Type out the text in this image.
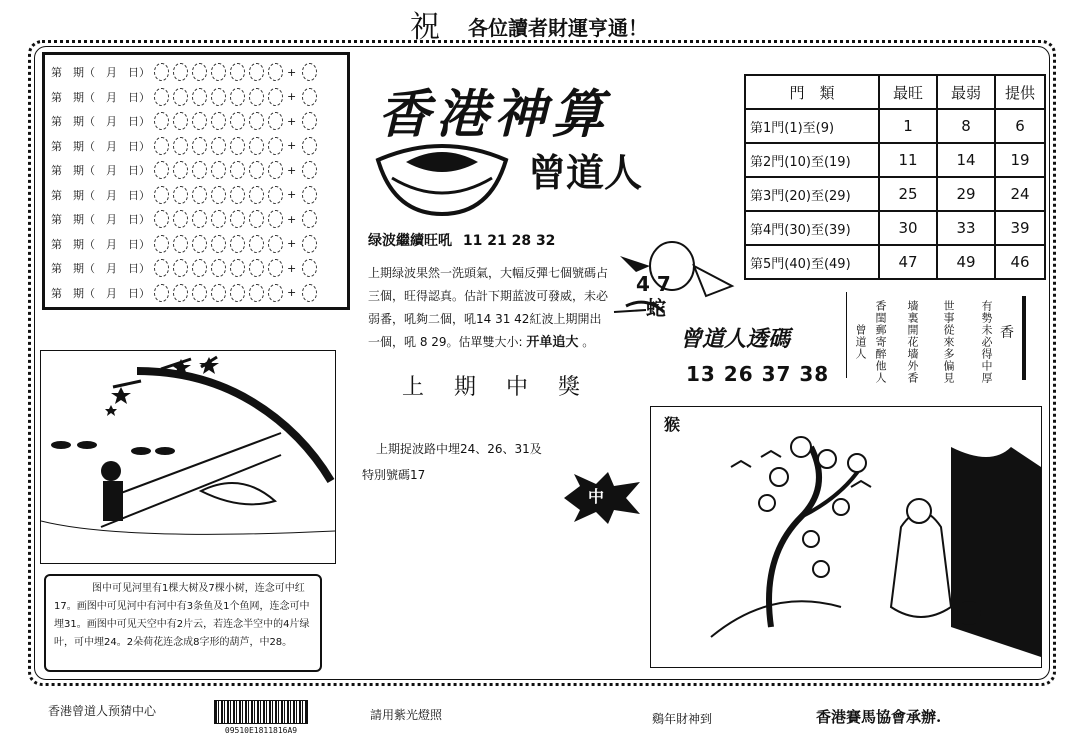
祝 各位讀者財運亨通！
第　期（　月　日）	+
第　期（　月　日）	+
第　期（　月　日）	+
第　期（　月　日）	+
第　期（　月　日）	+
第　期（　月　日）	+
第　期（　月　日）	+
第　期（　月　日）	+
第　期（　月　日）	+
第　期（　月　日）	+
香港神算
曾道人
門　類	最旺	最弱	提供
第1門(1)至(9)	1	8	6
第2門(10)至(19)	11	14	19
第3門(20)至(29)	25	29	24
第4門(30)至(39)	30	33	39
第5門(40)至(49)	47	49	46
绿波繼續旺吼 11 21 28 32
上期绿波果然一洗頭氣，大幅反彈七個號碼占
三個，旺得認真。估計下期蓝波可發威，未必
弱番，吼夠二個，吼14 31 42紅波上期開出
一個，吼 8 29。估單雙大小: 开单追大 。
上　期　中　獎
上期捉波路中埋24、26、31及
特別號碼17
4 7
蛇
曾道人透碼
13 26 37 38	有勢未必得中厚
世事從來多偏見
墻裏開花墻外香
香閨郵寄醉他人
曾道人	香
图中可见河里有1棵大树及7棵小树，连念可中红17。画图中可见河中有河中有3条鱼及1个鱼网，连念可中埋31。画图中可见天空中有2片云，若连念半空中的4片绿叶，可中埋24。2朵荷花连念成8字形的葫芦，中28。
中
猴
香港曾道人预猜中心
09510E1811816A9
請用紫光燈照	鷄年財神到	香港賽馬協會承辦.
